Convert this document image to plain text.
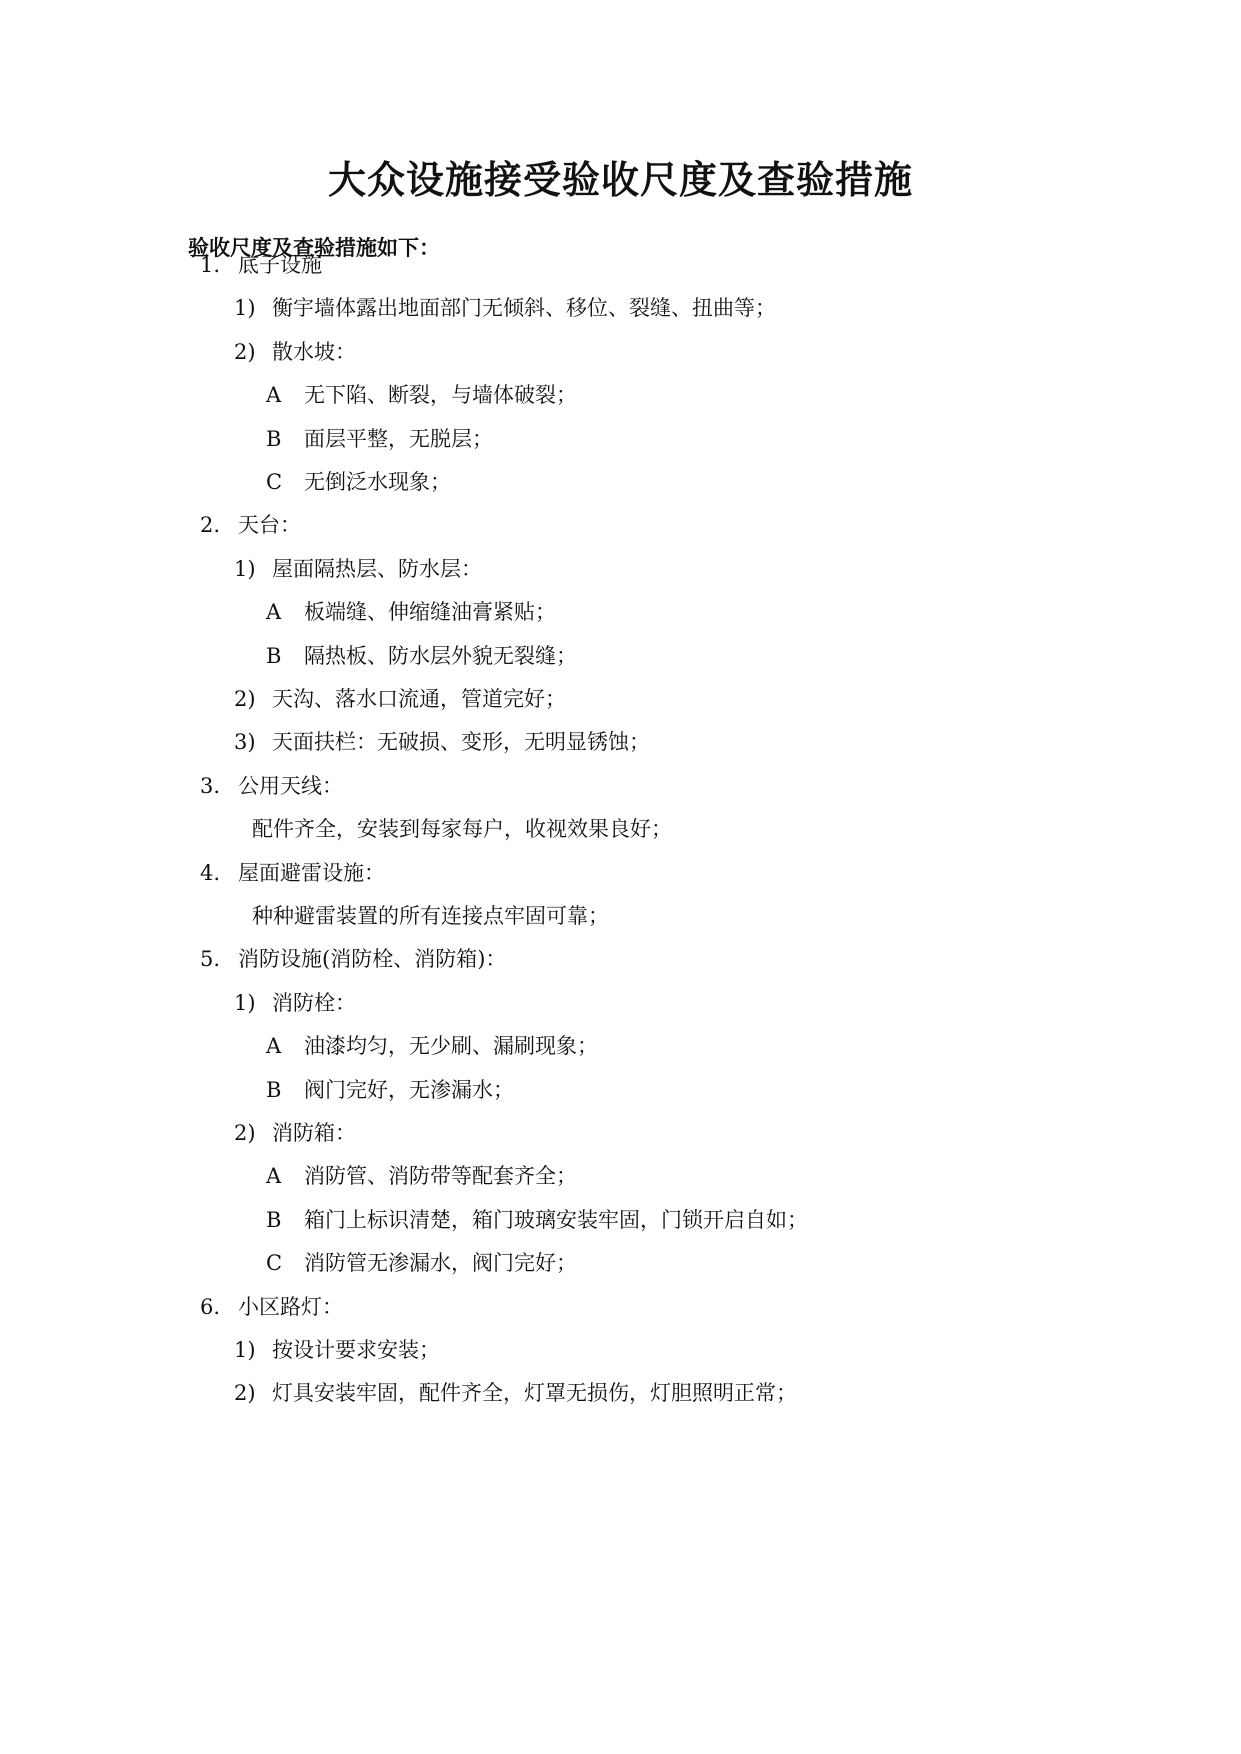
大众设施接受验收尺度及查验措施

验收尺度及查验措施如下：

1. 底子设施
1) 衡宇墙体露出地面部门无倾斜、移位、裂缝、扭曲等；
2) 散水坡：
A 无下陷、断裂，与墙体破裂；
B 面层平整，无脱层；
C 无倒泛水现象；
2. 天台：
1) 屋面隔热层、防水层：
A 板端缝、伸缩缝油膏紧贴；
B 隔热板、防水层外貌无裂缝；
2) 天沟、落水口流通，管道完好；
3) 天面扶栏：无破损、变形，无明显锈蚀；
3. 公用天线：
配件齐全，安装到每家每户，收视效果良好；
4. 屋面避雷设施：
种种避雷装置的所有连接点牢固可靠；
5. 消防设施(消防栓、消防箱)：
1) 消防栓：
A 油漆均匀，无少刷、漏刷现象；
B 阀门完好，无渗漏水；
2) 消防箱：
A 消防管、消防带等配套齐全；
B 箱门上标识清楚，箱门玻璃安装牢固，门锁开启自如；
C 消防管无渗漏水，阀门完好；
6. 小区路灯：
1) 按设计要求安装；
2) 灯具安装牢固，配件齐全，灯罩无损伤，灯胆照明正常；
